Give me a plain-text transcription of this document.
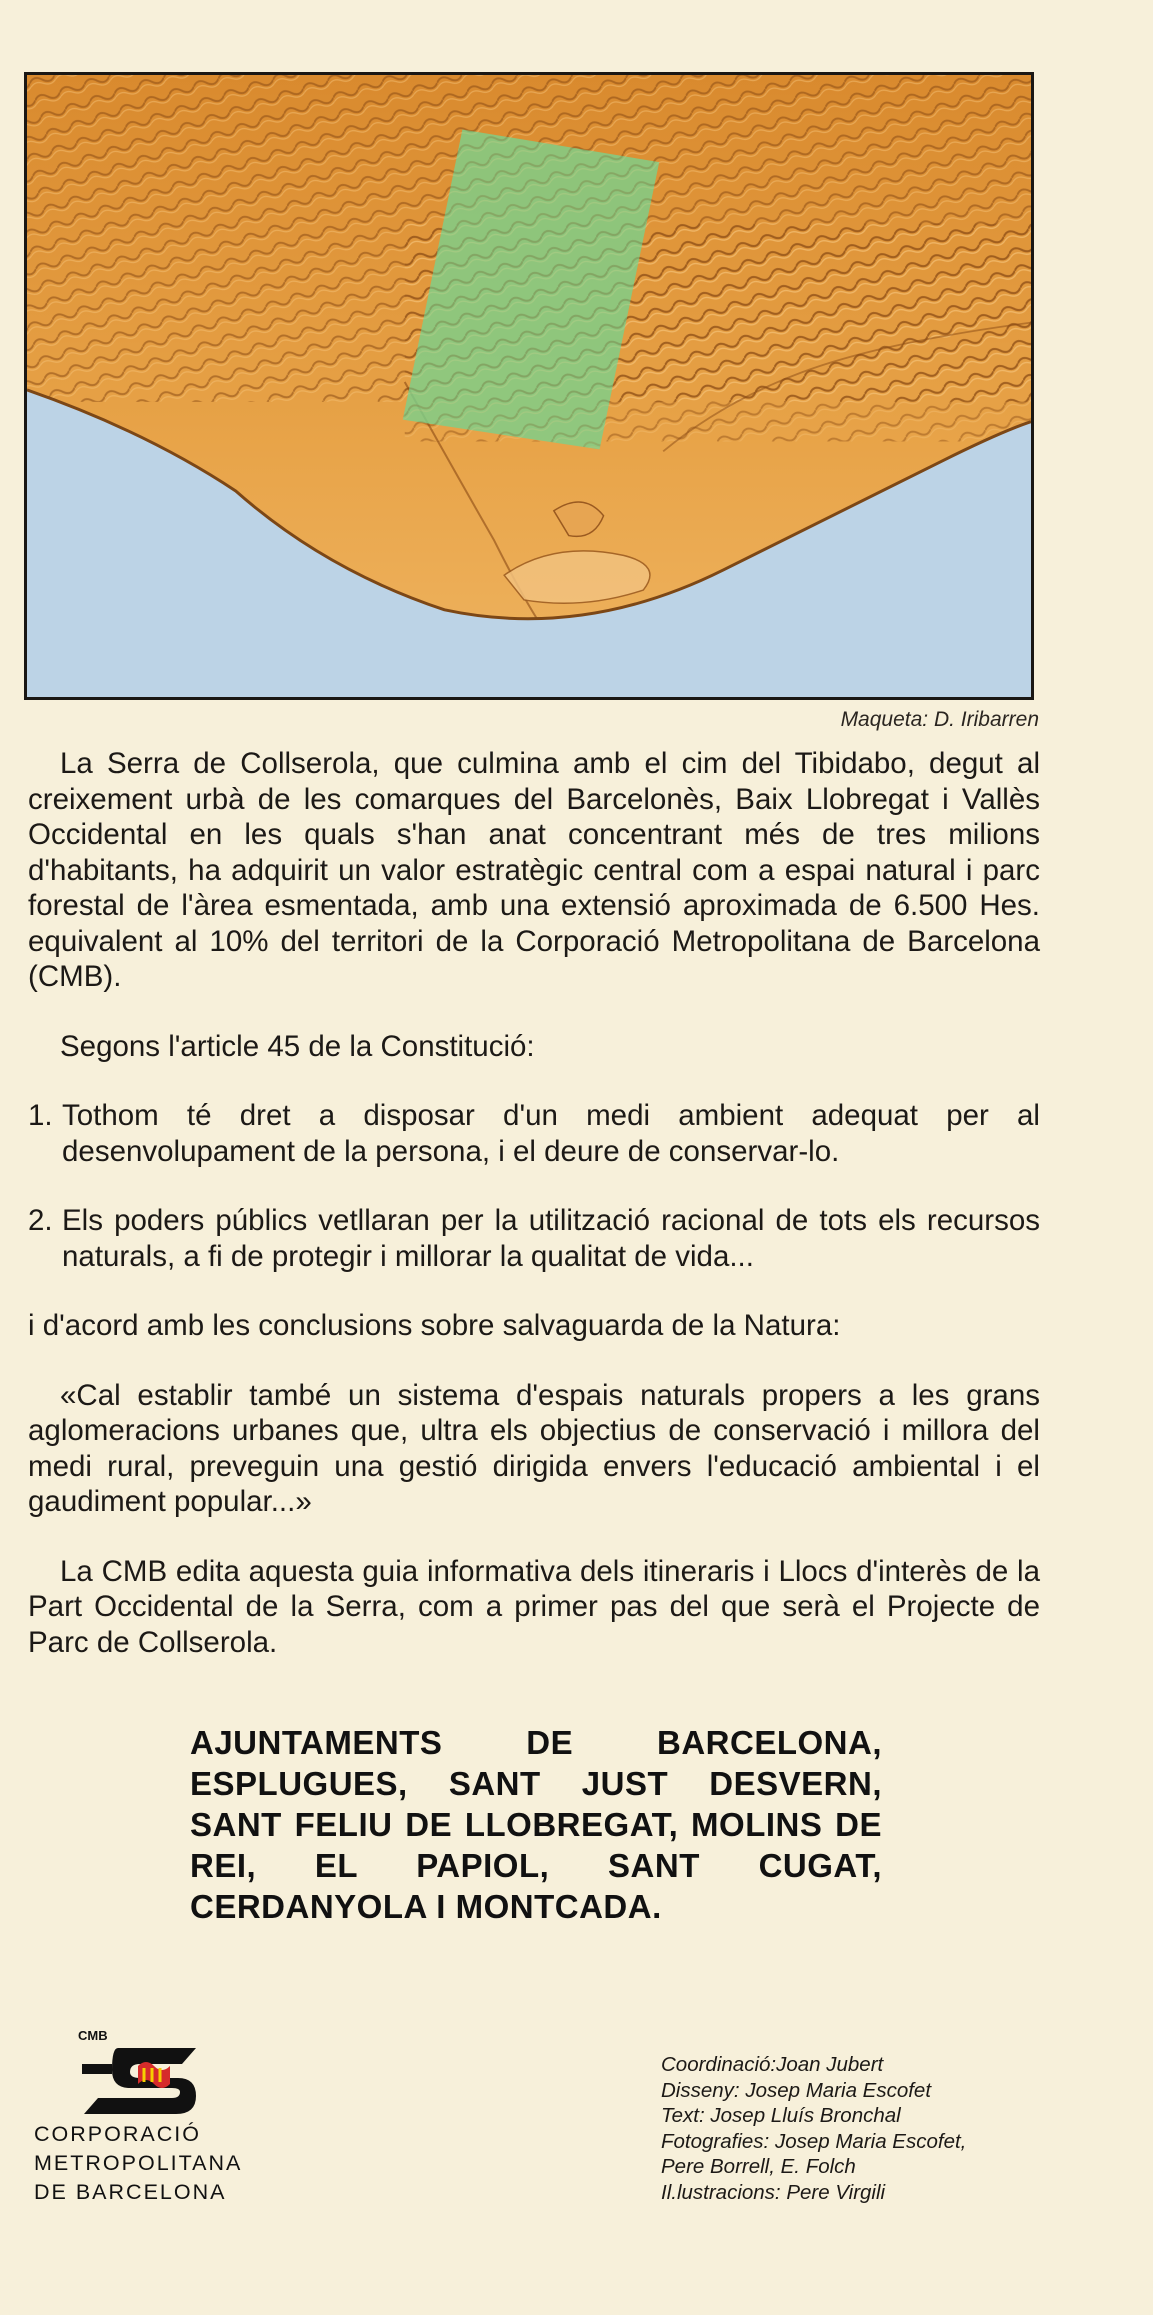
Maqueta: D. Iribarren

La Serra de Collserola, que culmina amb el cim del Tibidabo, degut al creixement urbà de les comarques del Barcelonès, Baix Llobregat i Vallès Occidental en les quals s'han anat concentrant més de tres milions d'habitants, ha adquirit un valor estratègic central com a espai natural i parc forestal de l'àrea esmentada, amb una extensió aproximada de 6.500 Hes. equivalent al 10% del territori de la Corporació Metropolitana de Barcelona (CMB).

Segons l'article 45 de la Constitució:

1. Tothom té dret a disposar d'un medi ambient adequat per al desenvolupament de la persona, i el deure de conservar-lo.
2. Els poders públics vetllaran per la utilització racional de tots els recursos naturals, a fi de protegir i millorar la qualitat de vida...

i d'acord amb les conclusions sobre salvaguarda de la Natura:

«Cal establir també un sistema d'espais naturals propers a les grans aglomeracions urbanes que, ultra els objectius de conservació i millora del medi rural, preveguin una gestió dirigida envers l'educació ambiental i el gaudiment popular...»

La CMB edita aquesta guia informativa dels itineraris i Llocs d'interès de la Part Occidental de la Serra, com a primer pas del que serà el Projecte de Parc de Collserola.

AJUNTAMENTS DE BARCELONA, ESPLUGUES, SANT JUST DESVERN, SANT FELIU DE LLOBREGAT, MOLINS DE REI, EL PAPIOL, SANT CUGAT, CERDANYOLA I MONTCADA.
CMB
CORPORACIÓ
METROPOLITANA
DE BARCELONA
Coordinació:Joan Jubert
Disseny: Josep Maria Escofet
Text: Josep Lluís Bronchal
Fotografies: Josep Maria Escofet,
Pere Borrell, E. Folch
Il.lustracions: Pere Virgili
